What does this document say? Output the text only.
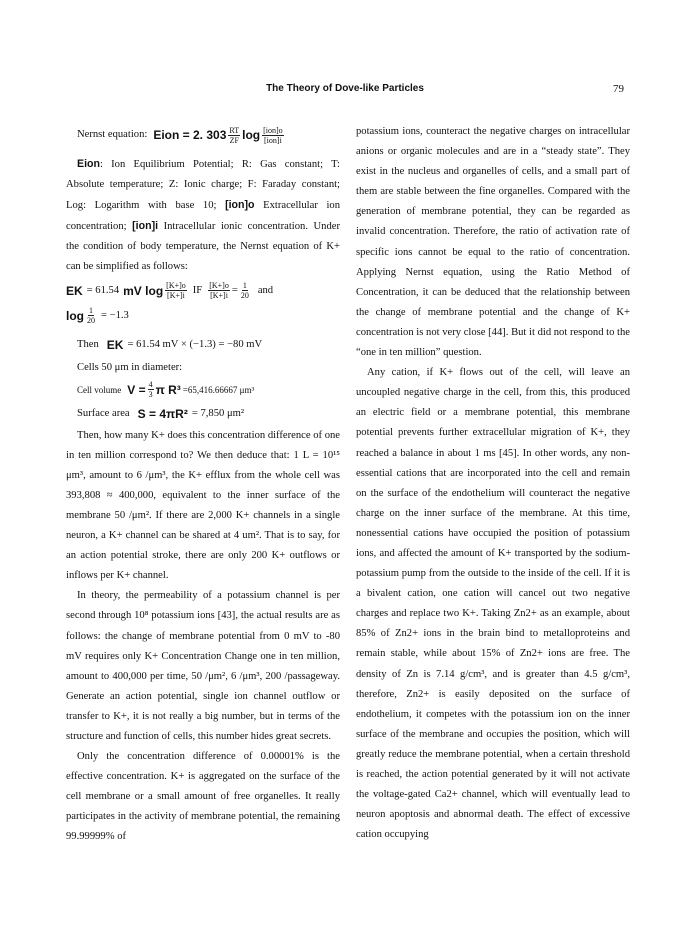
The Theory of Dove-like Particles	79
Nernst equation: Eion = 2. $303 \frac{RT}{ZF}$ $\log \frac{\text{[ion]o}}{\text{[ion]i}}$

Eion: Ion Equilibrium Potential; R: Gas constant; T: Absolute temperature; Z: Ionic charge; F: Faraday constant; Log: Logarithm with base 10; [ion]o Extracellular ion concentration; [ion]i Intracellular ionic concentration. Under the condition of body temperature, the Nernst equation of K+ can be simplified as follows:

EK = 61.54 mV $\log \frac{[K+]o}{[K+]i}$ IF $\frac{[K+]o}{[K+]i} = \frac{1}{20}$ and
$\log \frac{1}{20} = -1.3$
Then EK = 61.54 mV × (−1.3) = −80 mV
Cells 50 μm in diameter:
Cell volume $V = \frac{4}{3}$ π R³ =65,416.66667 μm³
Surface area S = 4πR² = 7,850 μm²

Then, how many K+ does this concentration difference of one in ten million correspond to? We then deduce that: 1 L = 10¹⁵ μm³, amount to 6 /μm³, the K+ efflux from the whole cell was 393,808 ≈ 400,000, equivalent to the inner surface of the membrane 50 /μm². If there are 2,000 K+ channels in a single neuron, a K+ channel can be shared at 4 um². That is to say, for an action potential stroke, there are only 200 K+ outflows or inflows per K+ channel.

In theory, the permeability of a potassium channel is per second through 10⁸ potassium ions [43], the actual results are as follows: the change of membrane potential from 0 mV to -80 mV requires only K+ Concentration Change one in ten million, amount to 400,000 per time, 50 /μm², 6 /μm³, 200 /passageway. Generate an action potential, single ion channel outflow or transfer to K+, it is not really a big number, but in terms of the structure and function of cells, this number hides great secrets.

Only the concentration difference of 0.00001% is the effective concentration. K+ is aggregated on the surface of the cell membrane or a small amount of free organelles. It really participates in the activity of membrane potential, the remaining 99.99999% of

potassium ions, counteract the negative charges on intracellular anions or organic molecules and are in a “steady state”. They exist in the nucleus and organelles of cells, and a small part of them are stable between the fine organelles. Compared with the generation of membrane potential, they can be regarded as invalid concentration. Therefore, the ratio of activation rate of specific ions cannot be equal to the ratio of concentration. Applying Nernst equation, using the Ratio Method of Concentration, it can be deduced that the relationship between the change of membrane potential and the change of K+ concentration is not very close [44]. But it did not respond to the “one in ten million” question.

Any cation, if K+ flows out of the cell, will leave an uncoupled negative charge in the cell, from this, this produced an electric field or a membrane potential, this membrane potential prevents further extracellular migration of K+, they reached a balance in about 1 ms [45]. In other words, any non-essential cations that are incorporated into the cell and remain on the surface of the endothelium will counteract the negative charge on the inner surface of the membrane. At this time, nonessential cations have occupied the position of potassium ions, and affected the amount of K+ transported by the sodium-potassium pump from the outside to the inside of the cell. If it is a bivalent cation, one cation will cancel out two negative charges and replace two K+. Taking Zn2+ as an example, about 85% of Zn2+ ions in the brain bind to metalloproteins and remain stable, while about 15% of Zn2+ ions are free. The density of Zn is 7.14 g/cm³, and is greater than 4.5 g/cm³, therefore, Zn2+ is easily deposited on the surface of endothelium, it competes with the potassium ion on the inner surface of the membrane and occupies the position, which will greatly reduce the membrane potential, when a certain threshold is reached, the action potential generated by it will not activate the voltage-gated Ca2+ channel, which will eventually lead to neuron apoptosis and abnormal death. The effect of excessive cation occupying
